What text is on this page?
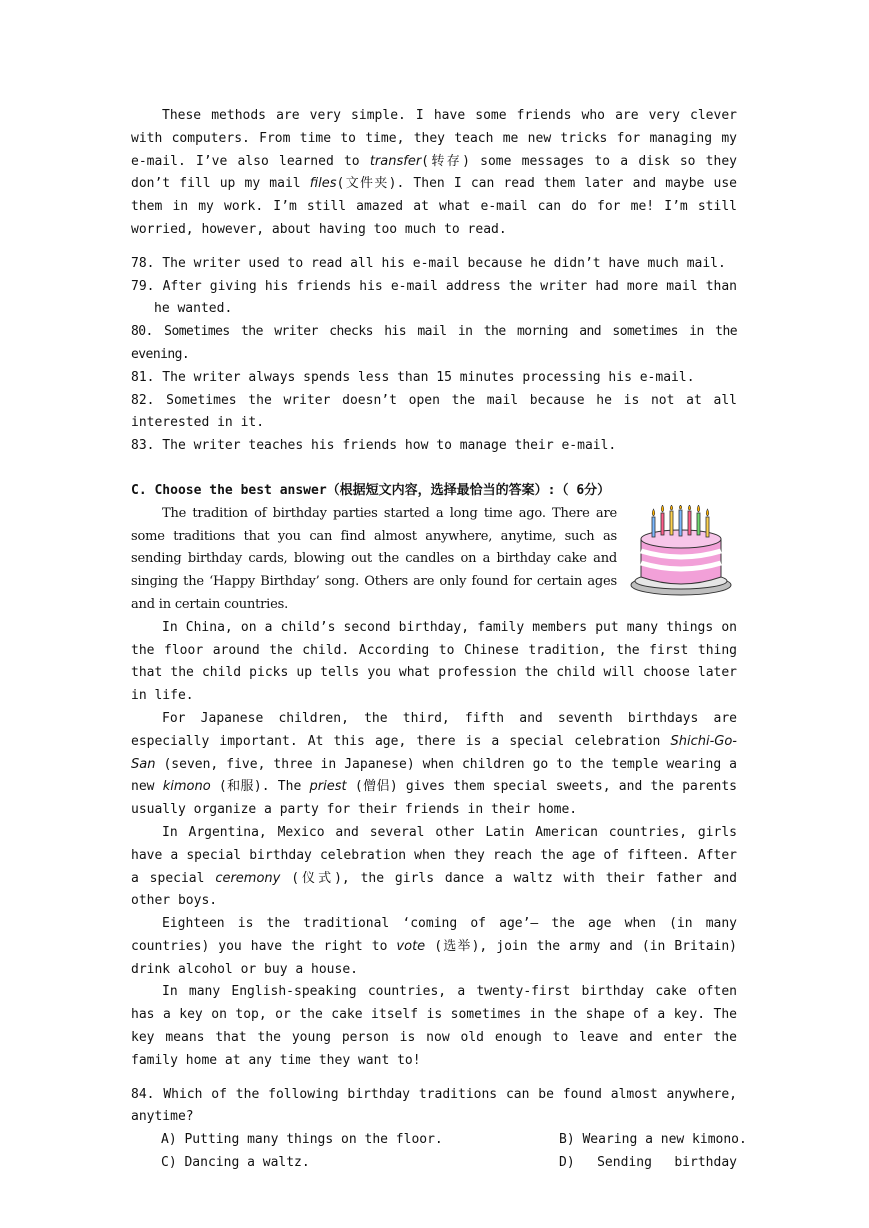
These methods are very simple. I have some friends who are very clever with computers. From time to time, they teach me new tricks for managing my e-mail. I’ve also learned to transfer(转存) some messages to a disk so they don’t fill up my mail files(文件夹). Then I can read them later and maybe use them in my work. I’m still amazed at what e-mail can do for me! I’m still worried, however, about having too much to read.

78. The writer used to read all his e-mail because he didn’t have much mail.

79. After giving his friends his e-mail address the writer had more mail than he wanted.

80. Sometimes the writer checks his mail in the morning and sometimes in the evening.

81. The writer always spends less than 15 minutes processing his e-mail.

82. Sometimes the writer doesn’t open the mail because he is not at all interested in it.

83. The writer teaches his friends how to manage their e-mail.

C. Choose the best answer（根据短文内容，选择最恰当的答案）:（ 6分）

The tradition of birthday parties started a long time ago. There are some traditions that you can find almost anywhere, anytime, such as sending birthday cards, blowing out the candles on a birthday cake and singing the ‘Happy Birthday’ song. Others are only found for certain ages and in certain countries.

In China, on a child’s second birthday, family members put many things on the floor around the child. According to Chinese tradition, the first thing that the child picks up tells you what profession the child will choose later in life.

For Japanese children, the third, fifth and seventh birthdays are especially important. At this age, there is a special celebration Shichi-Go-San (seven, five, three in Japanese) when children go to the temple wearing a new kimono (和服). The priest (僧侣) gives them special sweets, and the parents usually organize a party for their friends in their home.

In Argentina, Mexico and several other Latin American countries, girls have a special birthday celebration when they reach the age of fifteen. After a special ceremony (仪式), the girls dance a waltz with their father and other boys.

Eighteen is the traditional ‘coming of age’— the age when (in many countries) you have the right to vote (选举), join the army and (in Britain) drink alcohol or buy a house.

In many English-speaking countries, a twenty-first birthday cake often has a key on top, or the cake itself is sometimes in the shape of a key. The key means that the young person is now old enough to leave and enter the family home at any time they want to!

84. Which of the following birthday traditions can be found almost anywhere, anytime?

A) Putting many things on the floor.	B) Wearing a new kimono.
C) Dancing a waltz.	D) Sending birthday
